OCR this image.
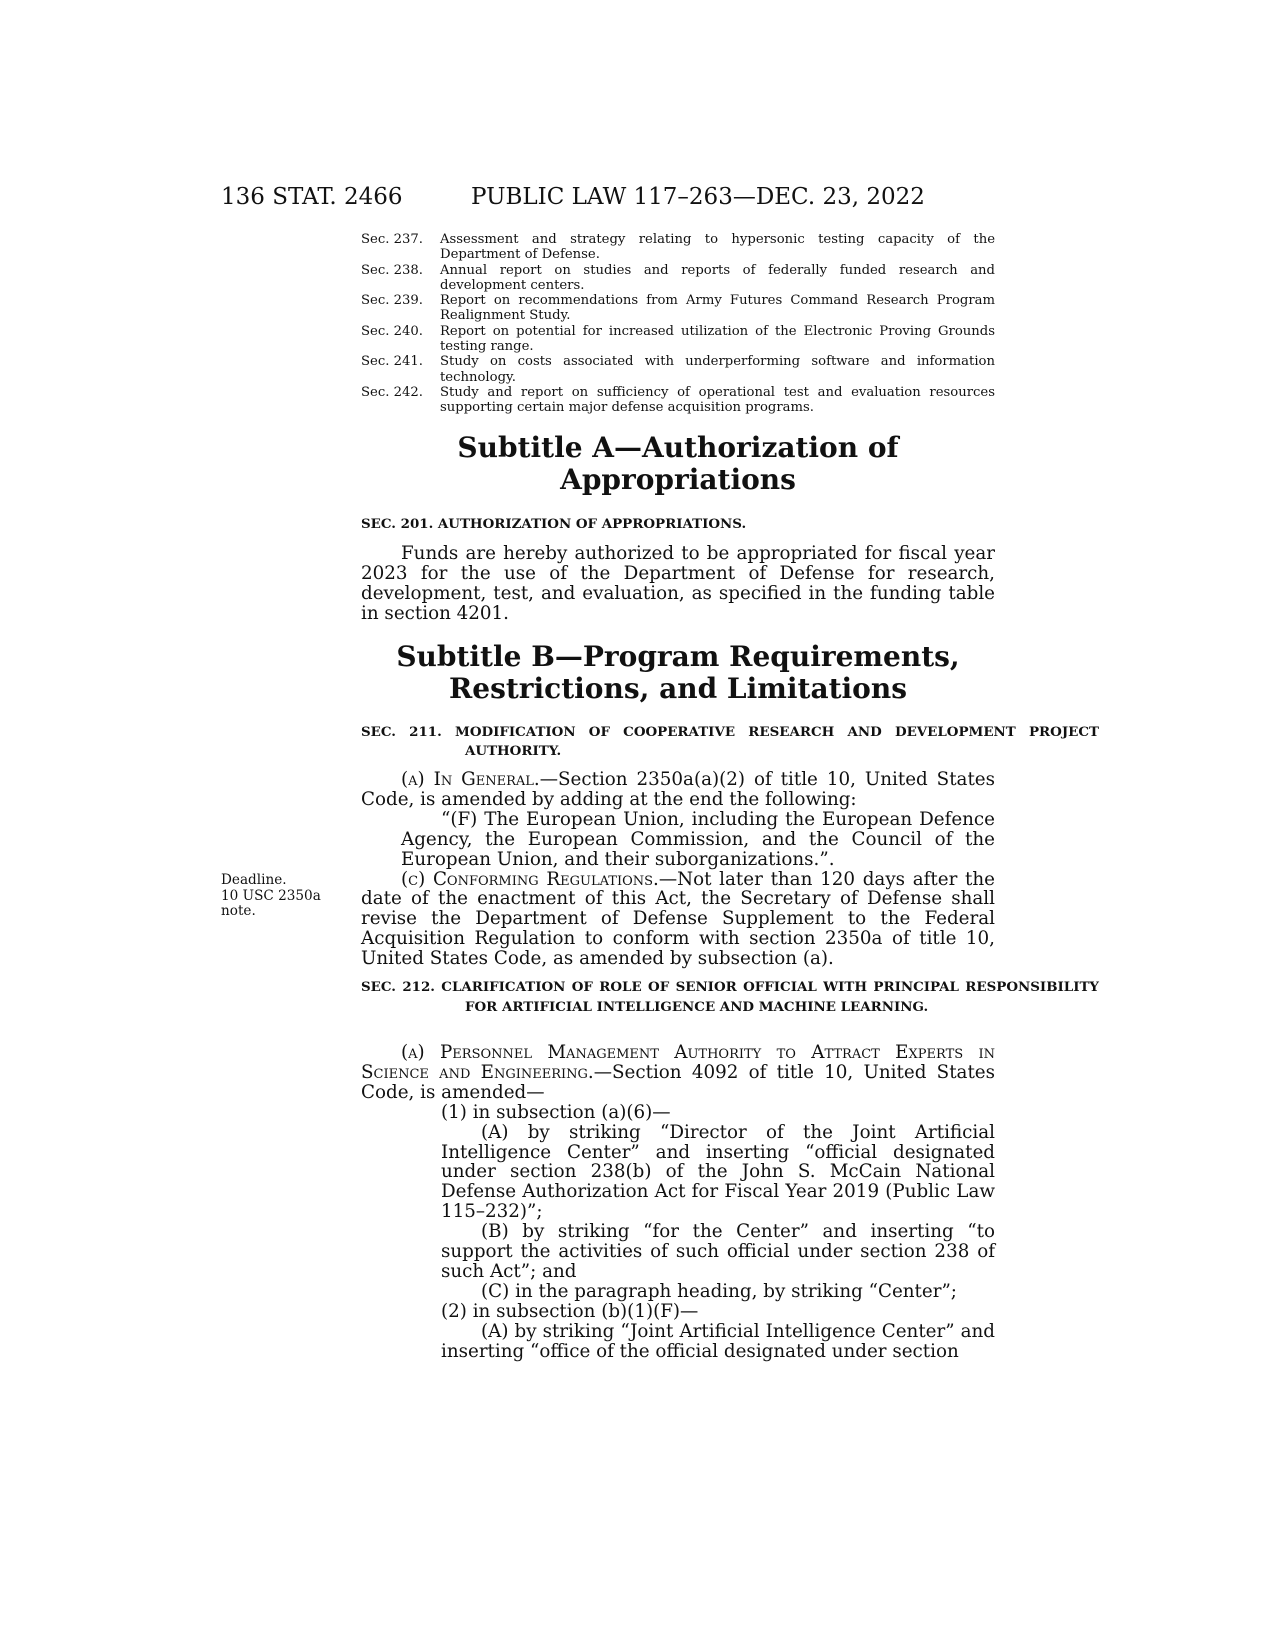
136 STAT. 2466	PUBLIC LAW 117–263—DEC. 23, 2022
Sec. 237. Assessment and strategy relating to hypersonic testing capacity of the Department of Defense.
Sec. 238. Annual report on studies and reports of federally funded research and development centers.
Sec. 239. Report on recommendations from Army Futures Command Research Program Realignment Study.
Sec. 240. Report on potential for increased utilization of the Electronic Proving Grounds testing range.
Sec. 241. Study on costs associated with underperforming software and information technology.
Sec. 242. Study and report on sufficiency of operational test and evaluation resources supporting certain major defense acquisition programs.
Subtitle A—Authorization of
Appropriations
SEC. 201. AUTHORIZATION OF APPROPRIATIONS.

Funds are hereby authorized to be appropriated for fiscal year 2023 for the use of the Department of Defense for research, development, test, and evaluation, as specified in the funding table in section 4201.

Subtitle B—Program Requirements,
Restrictions, and Limitations
SEC. 211. MODIFICATION OF COOPERATIVE RESEARCH AND DEVELOPMENT PROJECT AUTHORITY.

(a) In General.—Section 2350a(a)(2) of title 10, United States Code, is amended by adding at the end the following:

“(F) The European Union, including the European Defence Agency, the European Commission, and the Council of the European Union, and their suborganizations.”.

(c) Conforming Regulations.—Not later than 120 days after the date of the enactment of this Act, the Secretary of Defense shall revise the Department of Defense Supplement to the Federal Acquisition Regulation to conform with section 2350a of title 10, United States Code, as amended by subsection (a).

Deadline.
10 USC 2350a
note.
SEC. 212. CLARIFICATION OF ROLE OF SENIOR OFFICIAL WITH PRINCIPAL RESPONSIBILITY FOR ARTIFICIAL INTELLIGENCE AND MACHINE LEARNING.

(a) Personnel Management Authority to Attract Experts in Science and Engineering.—Section 4092 of title 10, United States Code, is amended—

(1) in subsection (a)(6)—

(A) by striking “Director of the Joint Artificial Intelligence Center” and inserting “official designated under section 238(b) of the John S. McCain National Defense Authorization Act for Fiscal Year 2019 (Public Law 115–232)”;

(B) by striking “for the Center” and inserting “to support the activities of such official under section 238 of such Act”; and

(C) in the paragraph heading, by striking “Center”;

(2) in subsection (b)(1)(F)—

(A) by striking “Joint Artificial Intelligence Center” and inserting “office of the official designated under section
